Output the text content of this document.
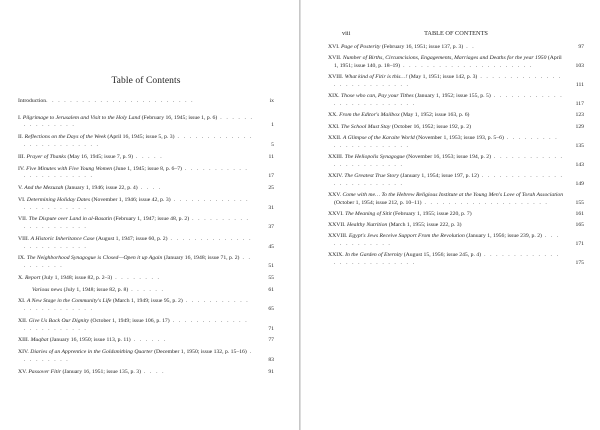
Table of Contents
Introduction. . . . . . . . . . . . . . . . . . . . . . . . .	ix
I. Pilgrimage to Jerusalem and Visit to the Holy Land (February 16, 1945; issue 1, p. 6) . . . . . . . . . . . . . . .	1
II. Reflections on the Days of the Week (April 16, 1945; issue 5, p. 3) . . . . . . . . . . . . . . . . . . . . . . . . . .	5
III. Prayer of Thanks (May 16, 1945; issue 7, p. 9) . . . . .	11
IV. Five Minutes with Five Young Women (June 1, 1945; issue 8, p. 6–7) . . . . . . . . . . . . . . . . . . . . . . .	17
V. And the Mezuzah (January 1, 1946; issue 22, p. 4) . . . .	25
VI. Determining Holiday Dates (November 1, 1946; issue 42, p. 3) . . . . . . . . . . . . . . . . . . . . . . . .	31
VII. The Dispute over Land in al-Basatin (February 1, 1947; issue 48, p. 2) . . . . . . . . . . . . . . . . . . . . .	37
VIII. A Historic Inheritance Case (August 1, 1947; issue 60, p. 2) . . . . . . . . . . . . . . . . . . . . . . . . .	45
IX. The Neighborhood Synagogue is Closed—Open it up Again (January 16, 1948; issue 71, p. 2) . . . . . . . . .	51
X. Report (July 1, 1948; issue 82, p. 2–3) . . . . . . . .	55
Various news (July 1, 1948; issue 82, p. 8) . . . . . .	61
XI. A New Stage in the Community's Life (March 1, 1949; issue 95, p. 2) . . . . . . . . . . . . . . . . . . . . . . .	65
XII. Give Us Back Our Dignity (October 1, 1949; issue 106, p. 17) . . . . . . . . . . . . . . . . . . . . . . . .	71
XIII. Muqbat (January 16, 1950; issue 113, p. 11) . . . . . .	77
XIV. Diaries of an Apprentice in the Goldsmithing Quarter (December 1, 1950; issue 132, p. 15–16) . . . . . . . . .	83
XV. Passover Fitir (January 16, 1951; issue 135, p. 3) . . . .	91
viii	TABLE OF CONTENTS
XVI. Page of Posterity (February 16, 1951; issue 137, p. 3) . .	97
XVII. Number of Births, Circumcisions, Engagements, Marriages and Deaths for the year 1950 (April 1, 1951; issue 140, p. 18–19) . . . . . . . . . . . . . . . . . . . . . .	103
XVIII. What kind of Fitir is this…! (May 1, 1951; issue 142, p. 3) . . . . . . . . . . . . . . . . . . . . . . . . . . .	111
XIX. Those who can, Pay your Tithes (January 1, 1952; issue 155, p. 5) . . . . . . . . . . . . . . . . . . . . . . . . . .	117
XX. From the Editor's Mailbox (May 1, 1952; issue 163, p. 6)	123
XXI. The School Must Stay (October 16, 1952; issue 192, p. 2)	129
XXII. A Glimpse of the Karaite World (November 1, 1953; issue 193, p. 5–6) . . . . . . . . . . . . . . . . . . . . . .	135
XXIII. The Heliopolis Synagogue (November 16, 1953; issue 194, p. 2) . . . . . . . . . . . . . . . . . . . . . . . .	143
XXIV. The Greatest True Story (January 1, 1954; issue 197, p. 12) . . . . . . . . . . . . . . . . . . . . . . . . . .	149
XXV. Come with me… To the Hebrew Religious Institute at the Young Men's Love of Torah Association (October 1, 1954; issue 212, p. 10–11) . . . . . . . . . . . . . . . . . . . . .	155
XXVI. The Meaning of Sitit (February 1, 1955; issue 220, p. 7)	161
XXVII. Healthy Nutrition (March 1, 1955; issue 222, p. 3)	165
XXVIII. Egypt's Jews Receive Support From the Revolution (January 1, 1956; issue 239, p. 2) . . . . . . . . . . . . .	171
XXIX. In the Garden of Eternity (August 15, 1956; issue 245, p. 4) . . . . . . . . . . . . . . . . . . . . . . . . . . .	175
